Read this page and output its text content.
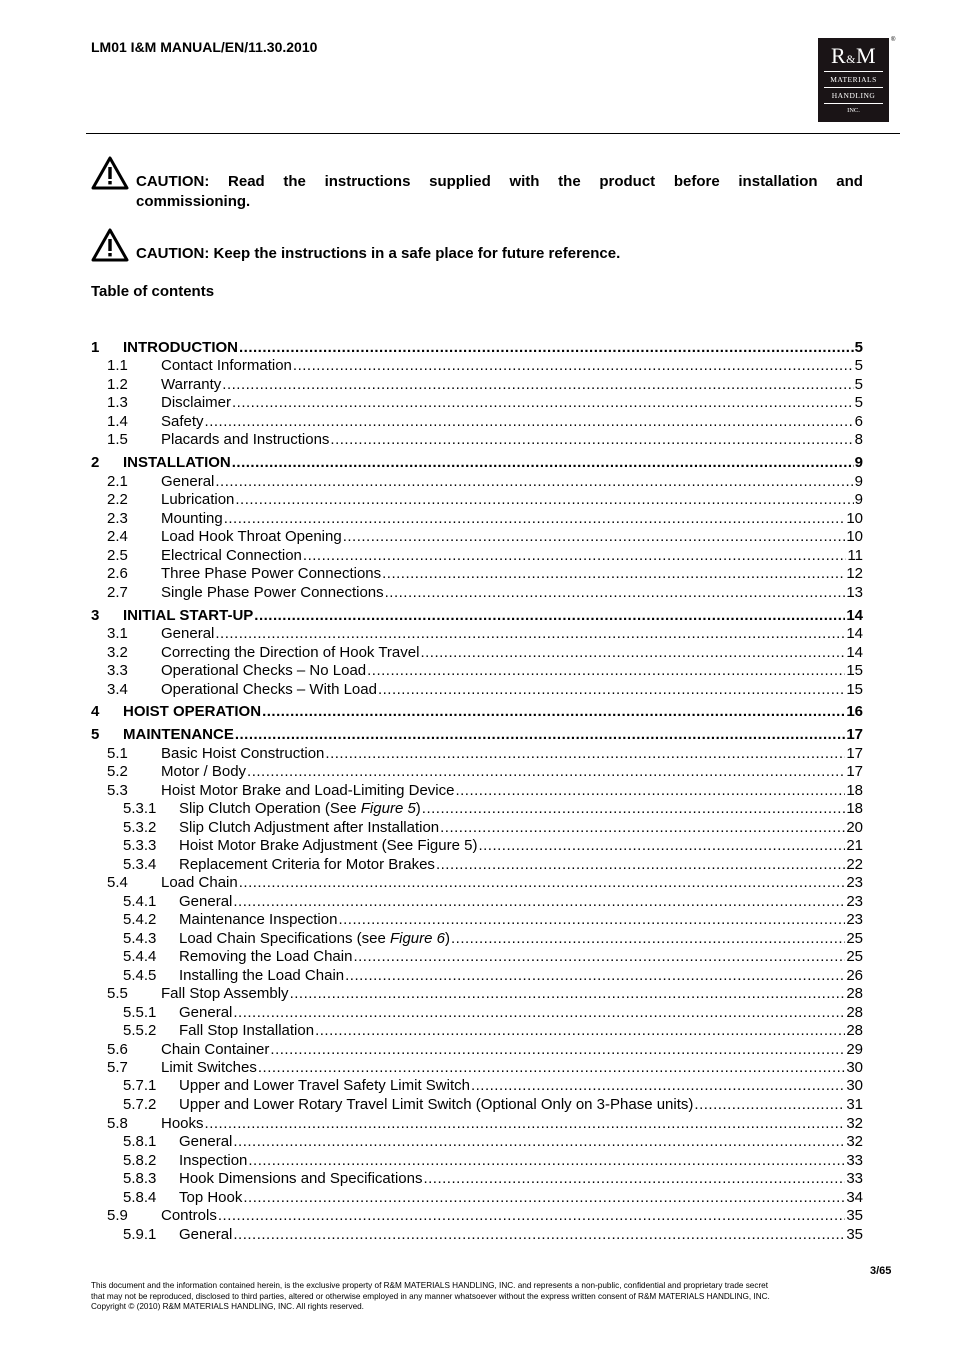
LM01 I&M MANUAL/EN/11.30.2010	R&M
MATERIALS
HANDLING
INC.
®
CAUTION: Read the instructions supplied with the product before installation and
commissioning.
CAUTION: Keep the instructions in a safe place for future reference.
Table of contents
1	INTRODUCTION .....	5
1.1	Contact Information .....	5
1.2	Warranty .....	5
1.3	Disclaimer .....	5
1.4	Safety .....	6
1.5	Placards and Instructions .....	8
2	INSTALLATION .....	9
2.1	General .....	9
2.2	Lubrication .....	9
2.3	Mounting .....	10
2.4	Load Hook Throat Opening .....	10
2.5	Electrical Connection .....	11
2.6	Three Phase Power Connections .....	12
2.7	Single Phase Power Connections .....	13
3	INITIAL START-UP .....	14
3.1	General .....	14
3.2	Correcting the Direction of Hook Travel .....	14
3.3	Operational Checks – No Load .....	15
3.4	Operational Checks – With Load .....	15
4	HOIST OPERATION .....	16
5	MAINTENANCE .....	17
5.1	Basic Hoist Construction .....	17
5.2	Motor / Body .....	17
5.3	Hoist Motor Brake and Load-Limiting Device .....	18
5.3.1	Slip Clutch Operation (See Figure 5) .....	18
5.3.2	Slip Clutch Adjustment after Installation .....	20
5.3.3	Hoist Motor Brake Adjustment (See Figure 5) .....	21
5.3.4	Replacement Criteria for Motor Brakes .....	22
5.4	Load Chain .....	23
5.4.1	General .....	23
5.4.2	Maintenance Inspection .....	23
5.4.3	Load Chain Specifications (see Figure 6) .....	25
5.4.4	Removing the Load Chain .....	25
5.4.5	Installing the Load Chain .....	26
5.5	Fall Stop Assembly .....	28
5.5.1	General .....	28
5.5.2	Fall Stop Installation .....	28
5.6	Chain Container .....	29
5.7	Limit Switches .....	30
5.7.1	Upper and Lower Travel Safety Limit Switch .....	30
5.7.2	Upper and Lower Rotary Travel Limit Switch (Optional Only on 3-Phase units) .....	31
5.8	Hooks .....	32
5.8.1	General .....	32
5.8.2	Inspection .....	33
5.8.3	Hook Dimensions and Specifications .....	33
5.8.4	Top Hook .....	34
5.9	Controls .....	35
5.9.1	General .....	35
3/65
This document and the information contained herein, is the exclusive property of R&M MATERIALS HANDLING, INC. and represents a non-public, confidential and proprietary trade secret
that may not be reproduced, disclosed to third parties, altered or otherwise employed in any manner whatsoever without the express written consent of R&M MATERIALS HANDLING, INC.
Copyright © (2010) R&M MATERIALS HANDLING, INC. All rights reserved.
